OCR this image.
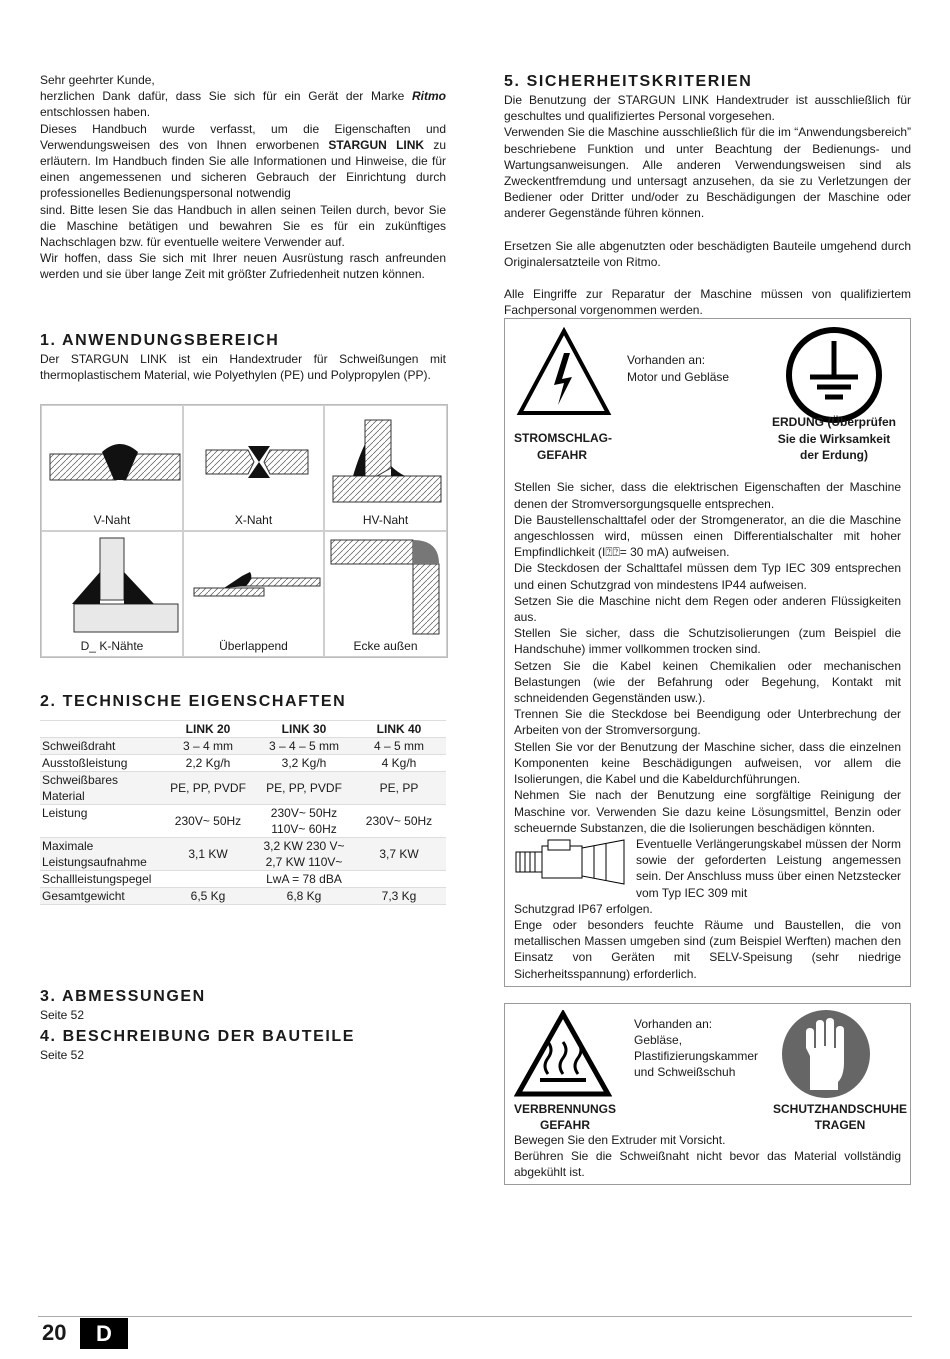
Sehr geehrter Kunde,

herzlichen Dank dafür, dass Sie sich für ein Gerät der Marke Ritmo entschlossen haben.

Dieses Handbuch wurde verfasst, um die Eigenschaften und Verwendungsweisen des von Ihnen erworbenen STARGUN LINK zu erläutern. Im Handbuch finden Sie alle Informationen und Hinweise, die für einen angemessenen und sicheren Gebrauch der Einrichtung durch professionelles Bedienungspersonal notwendig

sind. Bitte lesen Sie das Handbuch in allen seinen Teilen durch, bevor Sie die Maschine betätigen und bewahren Sie es für ein zukünftiges Nachschlagen bzw. für eventuelle weitere Verwender auf.

Wir hoffen, dass Sie sich mit Ihrer neuen Ausrüstung rasch anfreunden werden und sie über lange Zeit mit größter Zufriedenheit nutzen können.

1. ANWENDUNGSBEREICH

Der STARGUN LINK ist ein Handextruder für Schweißungen mit thermoplastischem Material, wie Polyethylen (PE) und Polypropylen (PP).

V-Naht	X-Naht	HV-Naht
D_ K-Nähte	Überlappend	Ecke außen
2. TECHNISCHE EIGENSCHAFTEN
	LINK 20	LINK 30	LINK 40
Schweißdraht	3 – 4 mm	3 – 4 – 5 mm	4 – 5 mm
Ausstoßleistung	2,2 Kg/h	3,2 Kg/h	4 Kg/h
Schweißbares Material	PE, PP, PVDF	PE, PP, PVDF	PE, PP
Leistung	230V~ 50Hz	230V~ 50Hz 110V~ 60Hz	230V~ 50Hz
Maximale Leistungsaufnahme	3,1 KW	3,2 KW 230 V~ 2,7 KW 110V~	3,7 KW
Schallleistungspegel		LwA = 78 dBA	
Gesamtgewicht	6,5 Kg	6,8 Kg	7,3 Kg
3. ABMESSUNGEN

Seite 52

4. BESCHREIBUNG DER BAUTEILE

Seite 52

5. SICHERHEITSKRITERIEN

Die Benutzung der STARGUN LINK Handextruder ist ausschließlich für geschultes und qualifiziertes Personal vorgesehen.

Verwenden Sie die Maschine ausschließlich für die im “Anwendungsbereich” beschriebene Funktion und unter Beachtung der Bedienungs- und Wartungsanweisungen. Alle anderen Verwendungsweisen sind als Zweckentfremdung und untersagt anzusehen, da sie zu Verletzungen der Bediener oder Dritter und/oder zu Beschädigungen der Maschine oder anderer Gegenstände führen können.

Ersetzen Sie alle abgenutzten oder beschädigten Bauteile umgehend durch Originalersatzteile von Ritmo.

Alle Eingriffe zur Reparatur der Maschine müssen von qualifiziertem Fachpersonal vorgenommen werden.

Vorhanden an:
Motor und Gebläse
STROMSCHLAG-GEFAHR
ERDUNG (Überprüfen Sie die Wirksamkeit der Erdung)

Stellen Sie sicher, dass die elektrischen Eigenschaften der Maschine denen der Stromversorgungsquelle entsprechen.

Die Baustellenschalttafel oder der Stromgenerator, an die die Maschine angeschlossen wird, müssen einen Differentialschalter mit hoher Empfindlichkeit (I⍰⍰= 30 mA) aufweisen.

Die Steckdosen der Schalttafel müssen dem Typ IEC 309 entsprechen und einen Schutzgrad von mindestens IP44 aufweisen.

Setzen Sie die Maschine nicht dem Regen oder anderen Flüssigkeiten aus.

Stellen Sie sicher, dass die Schutzisolierungen (zum Beispiel die Handschuhe) immer vollkommen trocken sind.

Setzen Sie die Kabel keinen Chemikalien oder mechanischen Belastungen (wie der Befahrung oder Begehung, Kontakt mit schneidenden Gegenständen usw.).

Trennen Sie die Steckdose bei Beendigung oder Unterbrechung der Arbeiten von der Stromversorgung.

Stellen Sie vor der Benutzung der Maschine sicher, dass die einzelnen Komponenten keine Beschädigungen aufweisen, vor allem die Isolierungen, die Kabel und die Kabeldurchführungen.

Nehmen Sie nach der Benutzung eine sorgfältige Reinigung der Maschine vor. Verwenden Sie dazu keine Lösungsmittel, Benzin oder scheuernde Substanzen, die die Isolierungen beschädigen könnten.

Eventuelle Verlängerungskabel müssen der Norm sowie der geforderten Leistung angemessen sein. Der Anschluss muss über einen Netzstecker vom Typ IEC 309 mit

Schutzgrad IP67 erfolgen.

Enge oder besonders feuchte Räume und Baustellen, die von metallischen Massen umgeben sind (zum Beispiel Werften) machen den Einsatz von Geräten mit SELV-Speisung (sehr niedrige Sicherheitsspannung) erforderlich.

Vorhanden an:
Gebläse, Plastifizierungskammer und Schweißschuh
VERBRENNUNGS GEFAHR
SCHUTZHANDSCHUHE TRAGEN

Bewegen Sie den Extruder mit Vorsicht.

Berühren Sie die Schweißnaht nicht bevor das Material vollständig abgekühlt ist.

20	D
